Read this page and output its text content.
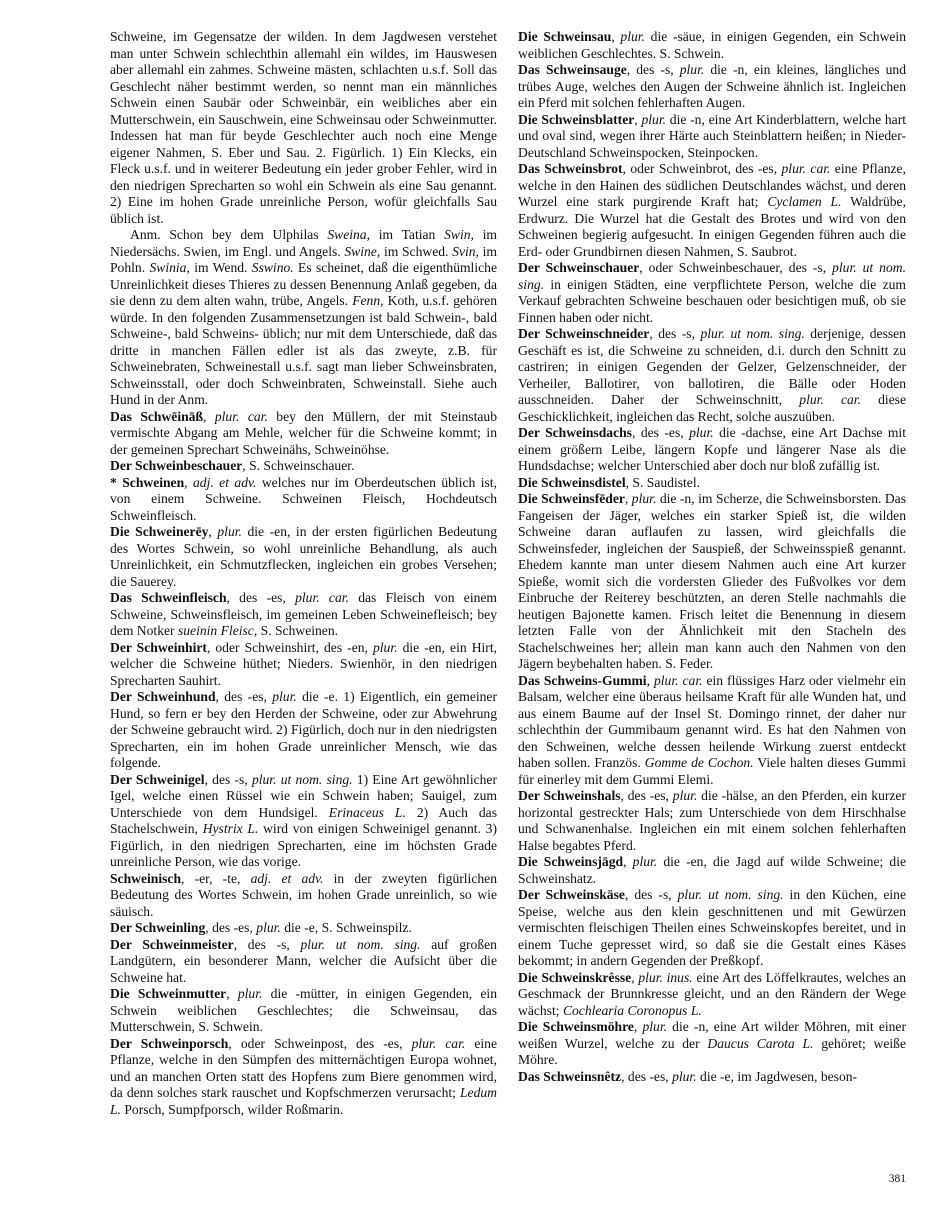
Schweine, im Gegensatze der wilden. In dem Jagdwesen verstehet man unter Schwein schlechthin allemahl ein wildes, im Hauswesen aber allemahl ein zahmes. Schweine mästen, schlachten u.s.f. Soll das Geschlecht näher bestimmt werden, so nennt man ein männliches Schwein einen Saubär oder Schweinbär, ein weibliches aber ein Mutterschwein, ein Sauschwein, eine Schweinsau oder Schweinmutter. Indessen hat man für beyde Geschlechter auch noch eine Menge eigener Nahmen, S. Eber und Sau. 2. Figürlich. 1) Ein Klecks, ein Fleck u.s.f. und in weiterer Bedeutung ein jeder grober Fehler, wird in den niedrigen Sprecharten so wohl ein Schwein als eine Sau genannt. 2) Eine im hohen Grade unreinliche Person, wofür gleichfalls Sau üblich ist.

Anm. Schon bey dem Ulphilas Sweina, im Tatian Swin, im Niedersächs. Swien, im Engl. und Angels. Swine, im Schwed. Svin, im Pohln. Swinia, im Wend. Sswino. Es scheinet, daß die eigenthümliche Unreinlichkeit dieses Thieres zu dessen Benennung Anlaß gegeben, da sie denn zu dem alten wahn, trübe, Angels. Fenn, Koth, u.s.f. gehören würde. In den folgenden Zusammensetzungen ist bald Schwein-, bald Schweine-, bald Schweins- üblich; nur mit dem Unterschiede, daß das dritte in manchen Fällen edler ist als das zweyte, z.B. für Schweinebraten, Schweinestall u.s.f. sagt man lieber Schweinsbraten, Schweinsstall, oder doch Schweinbraten, Schweinstall. Siehe auch Hund in der Anm.

Das Schwēināß, plur. car. bey den Müllern, der mit Steinstaub vermischte Abgang am Mehle, welcher für die Schweine kommt; in der gemeinen Sprechart Schweinähs, Schweinöhse.

Der Schweinbeschauer, S. Schweinschauer.

* Schweinen, adj. et adv. welches nur im Oberdeutschen üblich ist, von einem Schweine. Schweinen Fleisch, Hochdeutsch Schweinfleisch.

Die Schweinerēy, plur. die -en, in der ersten figürlichen Bedeutung des Wortes Schwein, so wohl unreinliche Behandlung, als auch Unreinlichkeit, ein Schmutzflecken, ingleichen ein grobes Versehen; die Sauerey.

Das Schweinfleisch, des -es, plur. car. das Fleisch von einem Schweine, Schweinsfleisch, im gemeinen Leben Schweinefleisch; bey dem Notker sueinin Fleisc, S. Schweinen.

Der Schweinhirt, oder Schweinshirt, des -en, plur. die -en, ein Hirt, welcher die Schweine hüthet; Nieders. Swienhör, in den niedrigen Sprecharten Sauhirt.

Der Schweinhund, des -es, plur. die -e. 1) Eigentlich, ein gemeiner Hund, so fern er bey den Herden der Schweine, oder zur Abwehrung der Schweine gebraucht wird. 2) Figürlich, doch nur in den niedrigsten Sprecharten, ein im hohen Grade unreinlicher Mensch, wie das folgende.

Der Schweinigel, des -s, plur. ut nom. sing. 1) Eine Art gewöhnlicher Igel, welche einen Rüssel wie ein Schwein haben; Sauigel, zum Unterschiede von dem Hundsigel. Erinaceus L. 2) Auch das Stachelschwein, Hystrix L. wird von einigen Schweinigel genannt. 3) Figürlich, in den niedrigen Sprecharten, eine im höchsten Grade unreinliche Person, wie das vorige.

Schweinisch, -er, -te, adj. et adv. in der zweyten figürlichen Bedeutung des Wortes Schwein, im hohen Grade unreinlich, so wie säuisch.

Der Schweinling, des -es, plur. die -e, S. Schweinspilz.

Der Schweinmeister, des -s, plur. ut nom. sing. auf großen Landgütern, ein besonderer Mann, welcher die Aufsicht über die Schweine hat.

Die Schweinmutter, plur. die -mütter, in einigen Gegenden, ein Schwein weiblichen Geschlechtes; die Schweinsau, das Mutterschwein, S. Schwein.

Der Schweinporsch, oder Schweinpost, des -es, plur. car. eine Pflanze, welche in den Sümpfen des mitternächtigen Europa wohnet, und an manchen Orten statt des Hopfens zum Biere genommen wird, da denn solches stark rauschet und Kopfschmerzen verursacht; Ledum L. Porsch, Sumpfporsch, wilder Roßmarin.

Die Schweinsau, plur. die -säue, in einigen Gegenden, ein Schwein weiblichen Geschlechtes. S. Schwein.

Das Schweinsauge, des -s, plur. die -n, ein kleines, längliches und trübes Auge, welches den Augen der Schweine ähnlich ist. Ingleichen ein Pferd mit solchen fehlerhaften Augen.

Die Schweinsblatter, plur. die -n, eine Art Kinderblattern, welche hart und oval sind, wegen ihrer Härte auch Steinblattern heißen; in Nieder-Deutschland Schweinspocken, Steinpocken.

Das Schweinsbrot, oder Schweinbrot, des -es, plur. car. eine Pflanze, welche in den Hainen des südlichen Deutschlandes wächst, und deren Wurzel eine stark purgirende Kraft hat; Cyclamen L. Waldrübe, Erdwurz. Die Wurzel hat die Gestalt des Brotes und wird von den Schweinen begierig aufgesucht. In einigen Gegenden führen auch die Erd- oder Grundbirnen diesen Nahmen, S. Saubrot.

Der Schweinschauer, oder Schweinbeschauer, des -s, plur. ut nom. sing. in einigen Städten, eine verpflichtete Person, welche die zum Verkauf gebrachten Schweine beschauen oder besichtigen muß, ob sie Finnen haben oder nicht.

Der Schweinschneider, des -s, plur. ut nom. sing. derjenige, dessen Geschäft es ist, die Schweine zu schneiden, d.i. durch den Schnitt zu castriren; in einigen Gegenden der Gelzer, Gelzenschneider, der Verheiler, Ballotirer, von ballotiren, die Bälle oder Hoden ausschneiden. Daher der Schweinschnitt, plur. car. diese Geschicklichkeit, ingleichen das Recht, solche auszuüben.

Der Schweinsdachs, des -es, plur. die -dachse, eine Art Dachse mit einem größern Leibe, längern Kopfe und längerer Nase als die Hundsdachse; welcher Unterschied aber doch nur bloß zufällig ist.

Die Schweinsdistel, S. Saudistel.

Die Schweinsfēder, plur. die -n, im Scherze, die Schweinsborsten. Das Fangeisen der Jäger, welches ein starker Spieß ist, die wilden Schweine daran auflaufen zu lassen, wird gleichfalls die Schweinsfeder, ingleichen der Sauspieß, der Schweinsspieß genannt. Ehedem kannte man unter diesem Nahmen auch eine Art kurzer Spieße, womit sich die vordersten Glieder des Fußvolkes vor dem Einbruche der Reiterey beschützten, an deren Stelle nachmahls die heutigen Bajonette kamen. Frisch leitet die Benennung in diesem letzten Falle von der Ähnlichkeit mit den Stacheln des Stachelschweines her; allein man kann auch den Nahmen von den Jägern beybehalten haben. S. Feder.

Das Schweins-Gummi, plur. car. ein flüssiges Harz oder vielmehr ein Balsam, welcher eine überaus heilsame Kraft für alle Wunden hat, und aus einem Baume auf der Insel St. Domingo rinnet, der daher nur schlechthin der Gummibaum genannt wird. Es hat den Nahmen von den Schweinen, welche dessen heilende Wirkung zuerst entdeckt haben sollen. Französ. Gomme de Cochon. Viele halten dieses Gummi für einerley mit dem Gummi Elemi.

Der Schweinshals, des -es, plur. die -hälse, an den Pferden, ein kurzer horizontal gestreckter Hals; zum Unterschiede von dem Hirschhalse und Schwanenhalse. Ingleichen ein mit einem solchen fehlerhaften Halse begabtes Pferd.

Die Schweinsjāgd, plur. die -en, die Jagd auf wilde Schweine; die Schweinshatz.

Der Schweinskäse, des -s, plur. ut nom. sing. in den Küchen, eine Speise, welche aus den klein geschnittenen und mit Gewürzen vermischten fleischigen Theilen eines Schweinskopfes bereitet, und in einem Tuche gepresset wird, so daß sie die Gestalt eines Käses bekommt; in andern Gegenden der Preßkopf.

Die Schweinskrêsse, plur. inus. eine Art des Löffelkrautes, welches an Geschmack der Brunnkresse gleicht, und an den Rändern der Wege wächst; Cochlearia Coronopus L.

Die Schweinsmöhre, plur. die -n, eine Art wilder Möhren, mit einer weißen Wurzel, welche zu der Daucus Carota L. gehöret; weiße Möhre.

Das Schweinsnêtz, des -es, plur. die -e, im Jagdwesen, beson-

381
